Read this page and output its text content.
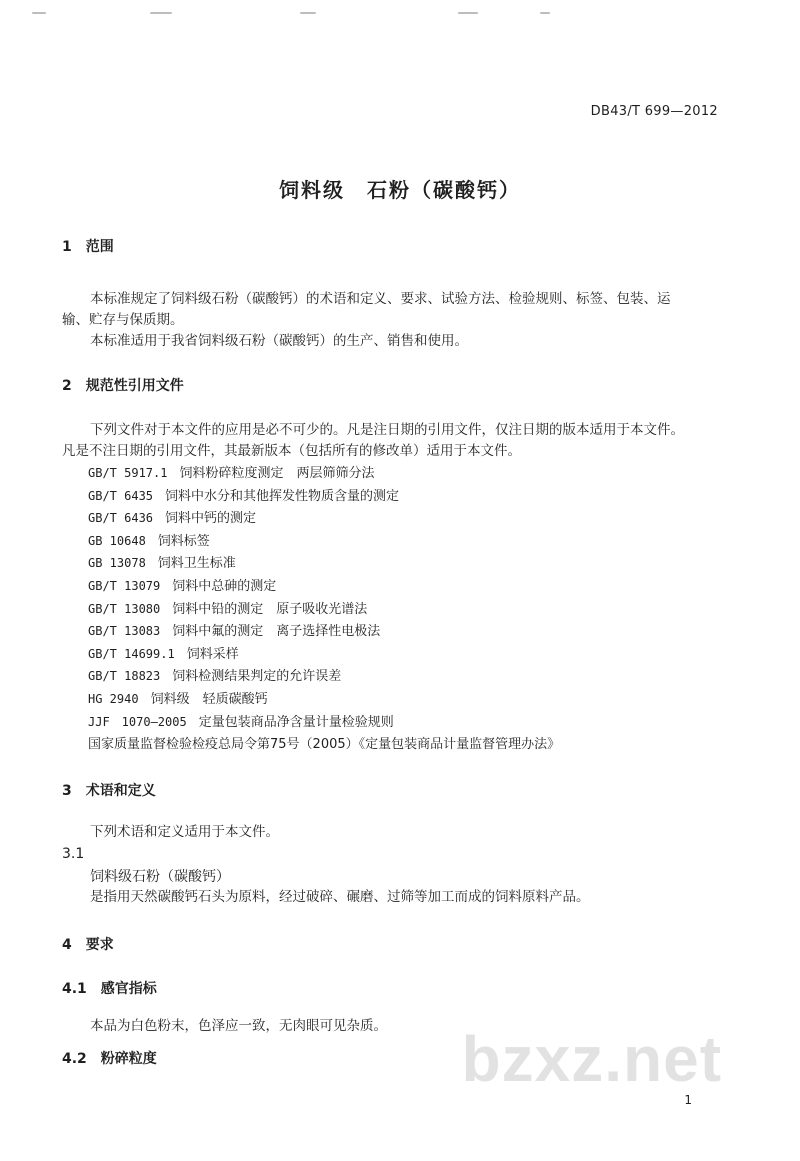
DB43/T 699—2012
饲料级　石粉（碳酸钙）
1　范围
本标准规定了饲料级石粉（碳酸钙）的术语和定义、要求、试验方法、检验规则、标签、包装、运
输、贮存与保质期。
本标准适用于我省饲料级石粉（碳酸钙）的生产、销售和使用。
2　规范性引用文件
下列文件对于本文件的应用是必不可少的。凡是注日期的引用文件，仅注日期的版本适用于本文件。
凡是不注日期的引用文件，其最新版本（包括所有的修改单）适用于本文件。
GB/T 5917.1 饲料粉碎粒度测定　两层筛筛分法
GB/T 6435 饲料中水分和其他挥发性物质含量的测定
GB/T 6436 饲料中钙的测定
GB 10648 饲料标签
GB 13078 饲料卫生标准
GB/T 13079 饲料中总砷的测定
GB/T 13080 饲料中铅的测定　原子吸收光谱法
GB/T 13083 饲料中氟的测定　离子选择性电极法
GB/T 14699.1 饲料采样
GB/T 18823 饲料检测结果判定的允许误差
HG 2940 饲料级　轻质碳酸钙
JJF　1070—2005 定量包装商品净含量计量检验规则
国家质量监督检验检疫总局令第75号（2005）《定量包装商品计量监督管理办法》
3　术语和定义
下列术语和定义适用于本文件。
3.1
饲料级石粉（碳酸钙）
是指用天然碳酸钙石头为原料，经过破碎、碾磨、过筛等加工而成的饲料原料产品。
4　要求
4.1　感官指标
本品为白色粉末，色泽应一致，无肉眼可见杂质。
4.2　粉碎粒度	bzxz.net
1
